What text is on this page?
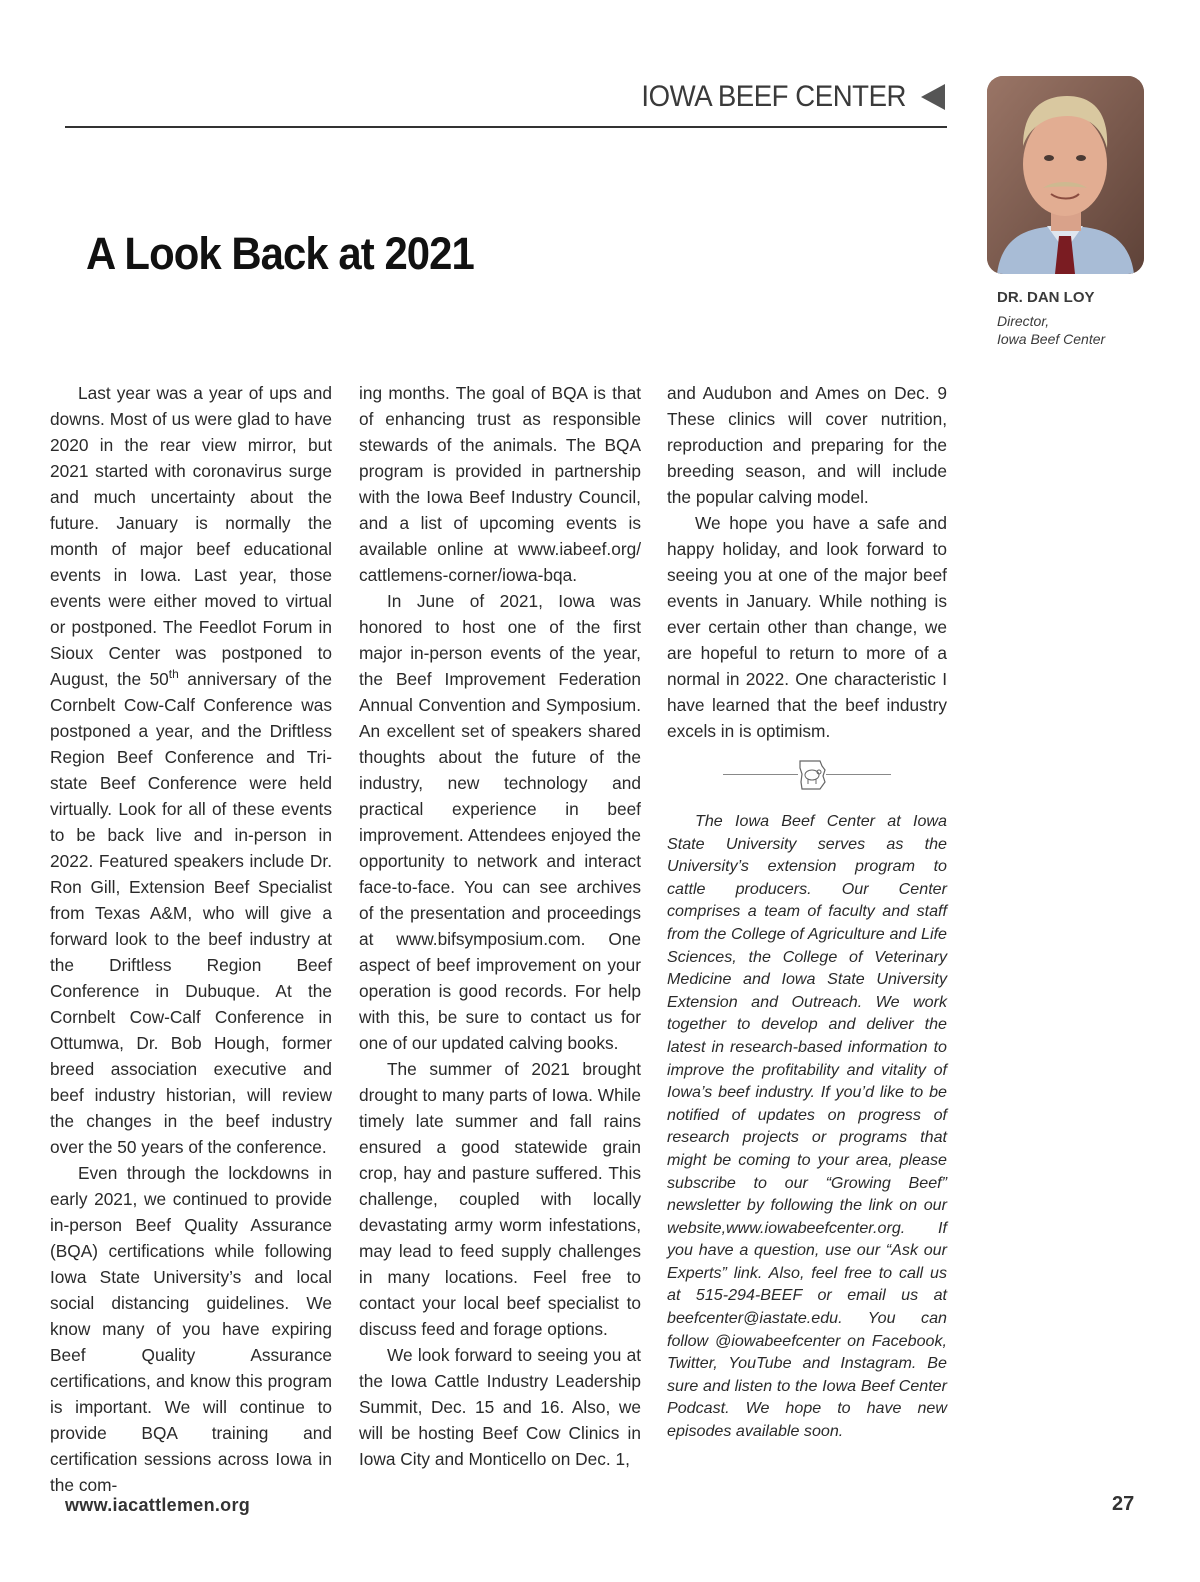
IOWA BEEF CENTER
DR. DAN LOY
Director,
Iowa Beef Center
A Look Back at 2021

Last year was a year of ups and downs. Most of us were glad to have 2020 in the rear view mirror, but 2021 started with coronavirus surge and much uncertainty about the future. January is normally the month of major beef educational events in Iowa. Last year, those events were either moved to virtual or postponed. The Feedlot Forum in Sioux Center was postponed to August, the 50th anniversary of the Cornbelt Cow-Calf Conference was postponed a year, and the Driftless Region Beef Conference and Tri-state Beef Conference were held virtually. Look for all of these events to be back live and in-person in 2022. Featured speakers include Dr. Ron Gill, Extension Beef Specialist from Texas A&M, who will give a forward look to the beef industry at the Driftless Region Beef Conference in Dubuque. At the Cornbelt Cow-Calf Conference in Ottumwa, Dr. Bob Hough, former breed association executive and beef industry historian, will review the changes in the beef industry over the 50 years of the conference.

Even through the lockdowns in early 2021, we continued to provide in-person Beef Quality Assurance (BQA) certifications while following Iowa State University’s and local social distancing guidelines. We know many of you have expiring Beef Quality Assurance certifications, and know this program is important. We will continue to provide BQA training and certification sessions across Iowa in the com-

ing months. The goal of BQA is that of enhancing trust as responsible stewards of the animals. The BQA program is provided in partnership with the Iowa Beef Industry Council, and a list of upcoming events is available online at www.iabeef.org/ cattlemens-corner/iowa-bqa.

In June of 2021, Iowa was honored to host one of the first major in-person events of the year, the Beef Improvement Federation Annual Convention and Symposium. An excellent set of speakers shared thoughts about the future of the industry, new technology and practical experience in beef improvement. Attendees enjoyed the opportunity to network and interact face-to-face. You can see archives of the presentation and proceedings at www.bifsymposium.com. One aspect of beef improvement on your operation is good records. For help with this, be sure to contact us for one of our updated calving books.

The summer of 2021 brought drought to many parts of Iowa. While timely late summer and fall rains ensured a good statewide grain crop, hay and pasture suffered. This challenge, coupled with locally devastating army worm infestations, may lead to feed supply challenges in many locations. Feel free to contact your local beef specialist to discuss feed and forage options.

We look forward to seeing you at the Iowa Cattle Industry Leadership Summit, Dec. 15 and 16. Also, we will be hosting Beef Cow Clinics in Iowa City and Monticello on Dec. 1,

and Audubon and Ames on Dec. 9 These clinics will cover nutrition, reproduction and preparing for the breeding season, and will include the popular calving model.

We hope you have a safe and happy holiday, and look forward to seeing you at one of the major beef events in January. While nothing is ever certain other than change, we are hopeful to return to more of a normal in 2022. One characteristic I have learned that the beef industry excels in is optimism.

The Iowa Beef Center at Iowa State University serves as the University’s extension program to cattle producers. Our Center comprises a team of faculty and staff from the College of Agriculture and Life Sciences, the College of Veterinary Medicine and Iowa State University Extension and Outreach. We work together to develop and deliver the latest in research-based information to improve the profitability and vitality of Iowa’s beef industry. If you’d like to be notified of updates on progress of research projects or programs that might be coming to your area, please subscribe to our “Growing Beef” newsletter by following the link on our website,www.iowabeefcenter.org. If you have a question, use our “Ask our Experts” link. Also, feel free to call us at 515-294-BEEF or email us at beefcenter@iastate.edu. You can follow @iowabeefcenter on Facebook, Twitter, YouTube and Instagram. Be sure and listen to the Iowa Beef Center Podcast. We hope to have new episodes available soon.

www.iacattlemen.org	27
